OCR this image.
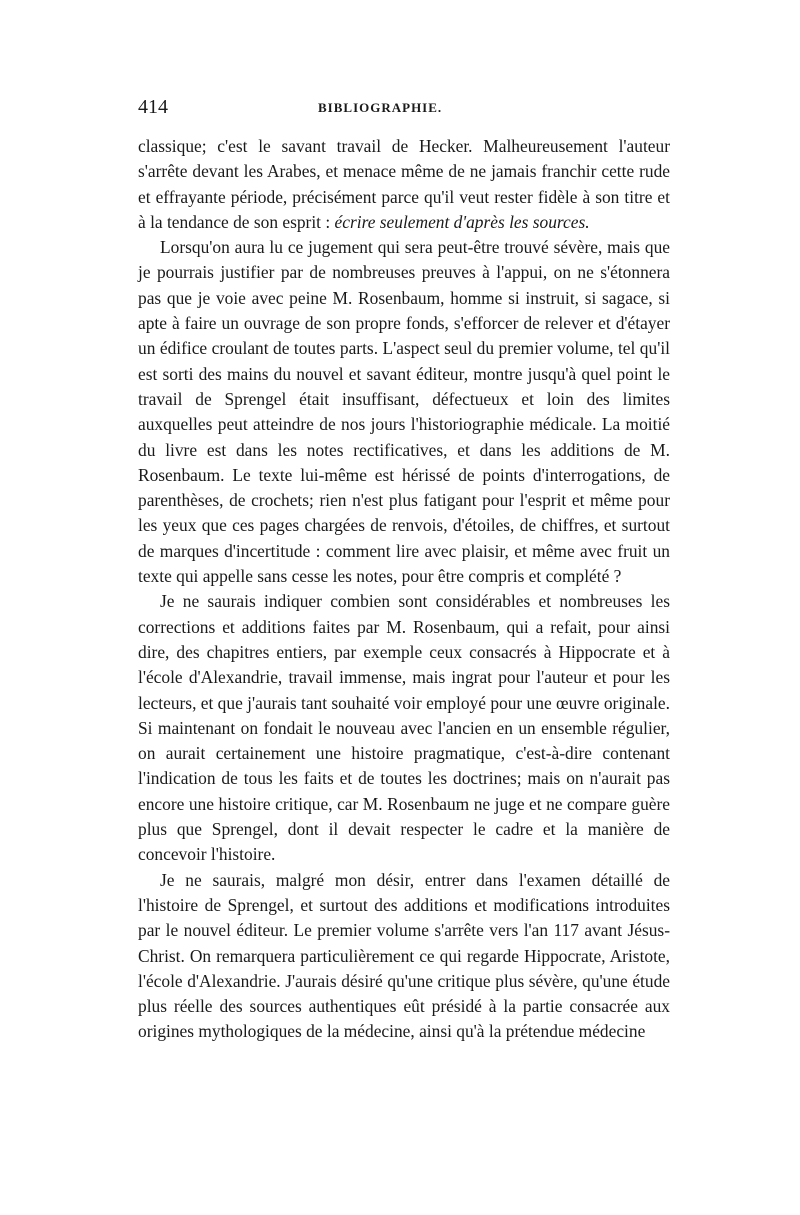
414	BIBLIOGRAPHIE.

classique; c'est le savant travail de Hecker. Malheureusement l'auteur s'arrête devant les Arabes, et menace même de ne jamais franchir cette rude et effrayante période, précisément parce qu'il veut rester fidèle à son titre et à la tendance de son esprit : écrire seulement d'après les sources.

Lorsqu'on aura lu ce jugement qui sera peut-être trouvé sévère, mais que je pourrais justifier par de nombreuses preuves à l'appui, on ne s'étonnera pas que je voie avec peine M. Rosenbaum, homme si instruit, si sagace, si apte à faire un ouvrage de son propre fonds, s'efforcer de relever et d'étayer un édifice croulant de toutes parts. L'aspect seul du premier volume, tel qu'il est sorti des mains du nouvel et savant éditeur, montre jusqu'à quel point le travail de Sprengel était insuffisant, défectueux et loin des limites auxquelles peut atteindre de nos jours l'historiographie médicale. La moitié du livre est dans les notes rectificatives, et dans les additions de M. Rosenbaum. Le texte lui-même est hérissé de points d'interrogations, de parenthèses, de crochets; rien n'est plus fatigant pour l'esprit et même pour les yeux que ces pages chargées de renvois, d'étoiles, de chiffres, et surtout de marques d'incertitude : comment lire avec plaisir, et même avec fruit un texte qui appelle sans cesse les notes, pour être compris et complété ?

Je ne saurais indiquer combien sont considérables et nombreuses les corrections et additions faites par M. Rosenbaum, qui a refait, pour ainsi dire, des chapitres entiers, par exemple ceux consacrés à Hippocrate et à l'école d'Alexandrie, travail immense, mais ingrat pour l'auteur et pour les lecteurs, et que j'aurais tant souhaité voir employé pour une œuvre originale. Si maintenant on fondait le nouveau avec l'ancien en un ensemble régulier, on aurait certainement une histoire pragmatique, c'est-à-dire contenant l'indication de tous les faits et de toutes les doctrines; mais on n'aurait pas encore une histoire critique, car M. Rosenbaum ne juge et ne compare guère plus que Sprengel, dont il devait respecter le cadre et la manière de concevoir l'histoire.

Je ne saurais, malgré mon désir, entrer dans l'examen détaillé de l'histoire de Sprengel, et surtout des additions et modifications introduites par le nouvel éditeur. Le premier volume s'arrête vers l'an 117 avant Jésus-Christ. On remarquera particulièrement ce qui regarde Hippocrate, Aristote, l'école d'Alexandrie. J'aurais désiré qu'une critique plus sévère, qu'une étude plus réelle des sources authentiques eût présidé à la partie consacrée aux origines mythologiques de la médecine, ainsi qu'à la prétendue médecine
